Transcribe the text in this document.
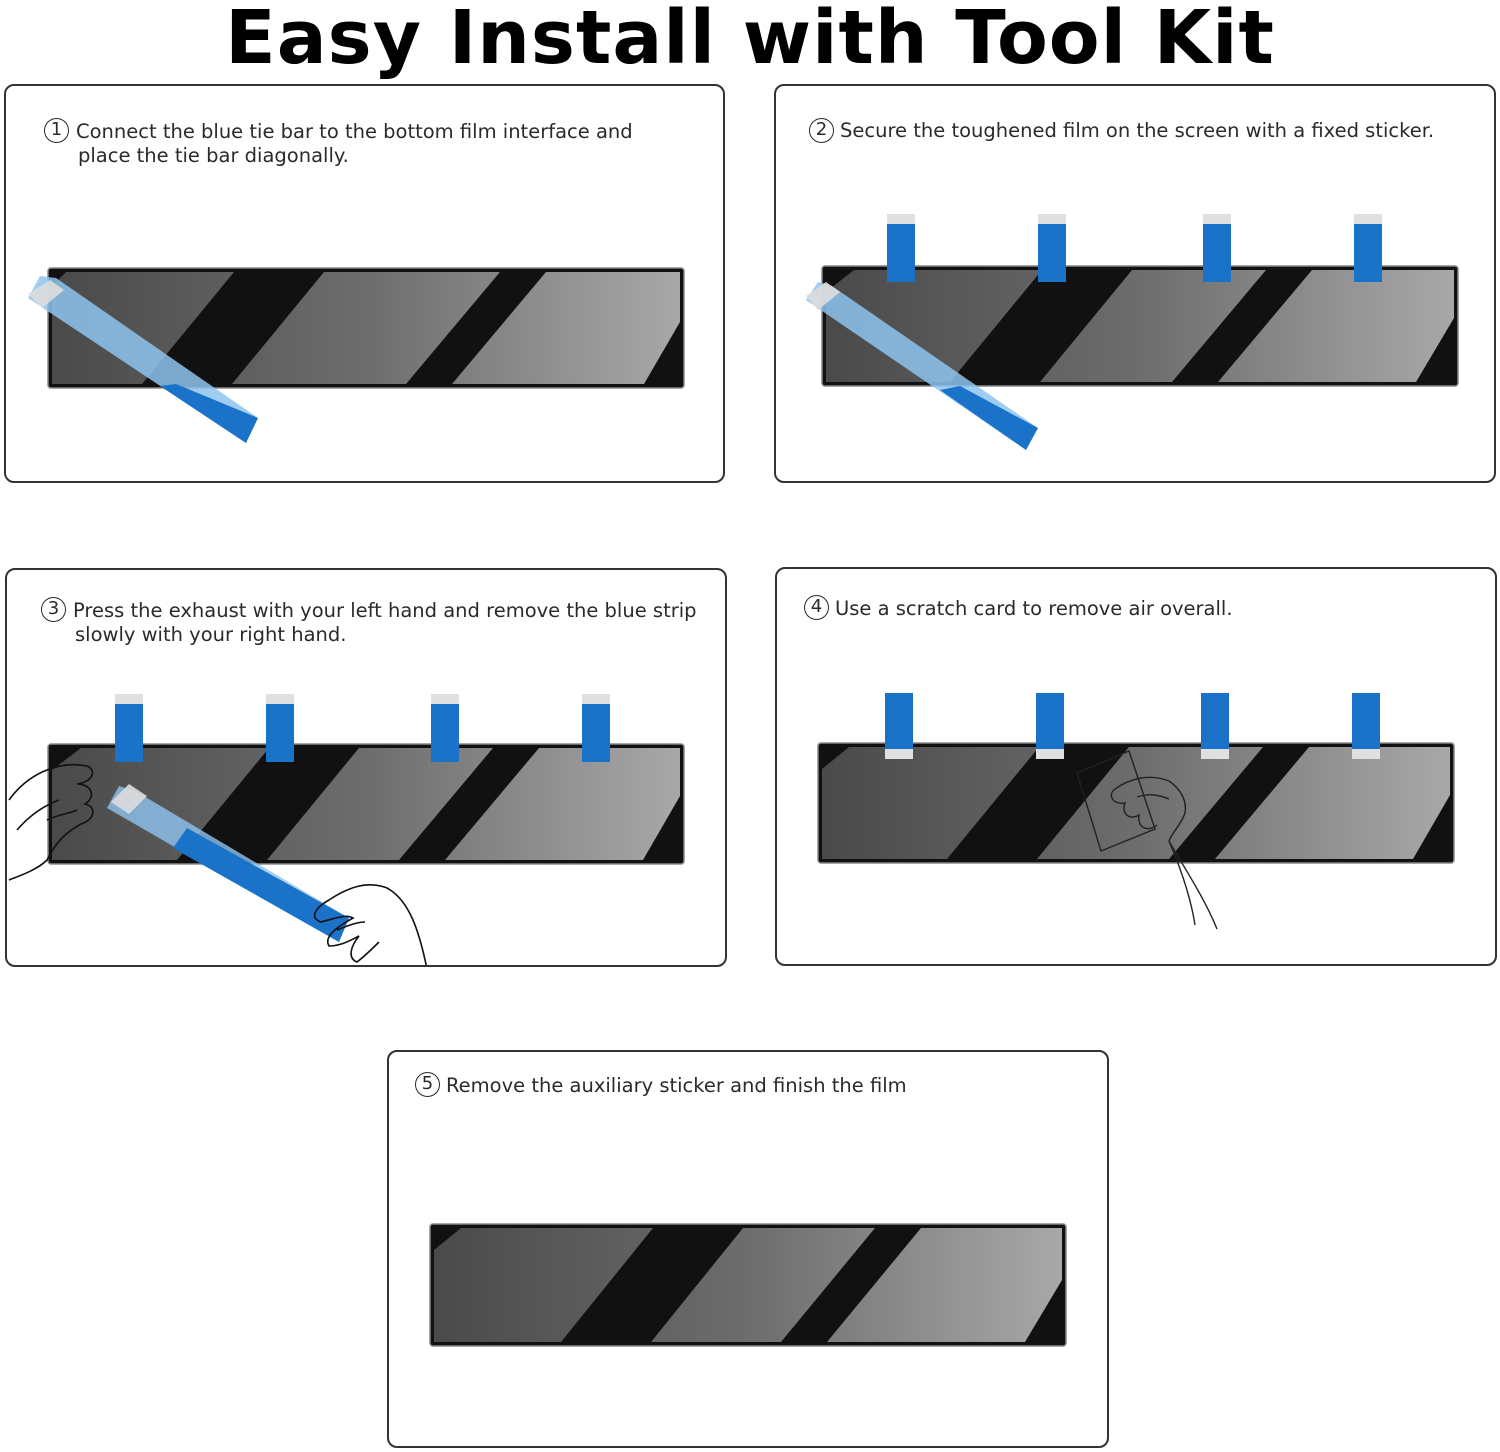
Easy Install with Tool Kit
1 Connect the blue tie bar to the bottom film interface and
place the tie bar diagonally.
2 Secure the toughened film on the screen with a fixed sticker.
3 Press the exhaust with your left hand and remove the blue strip
slowly with your right hand.
4 Use a scratch card to remove air overall.
5 Remove the auxiliary sticker and finish the film
